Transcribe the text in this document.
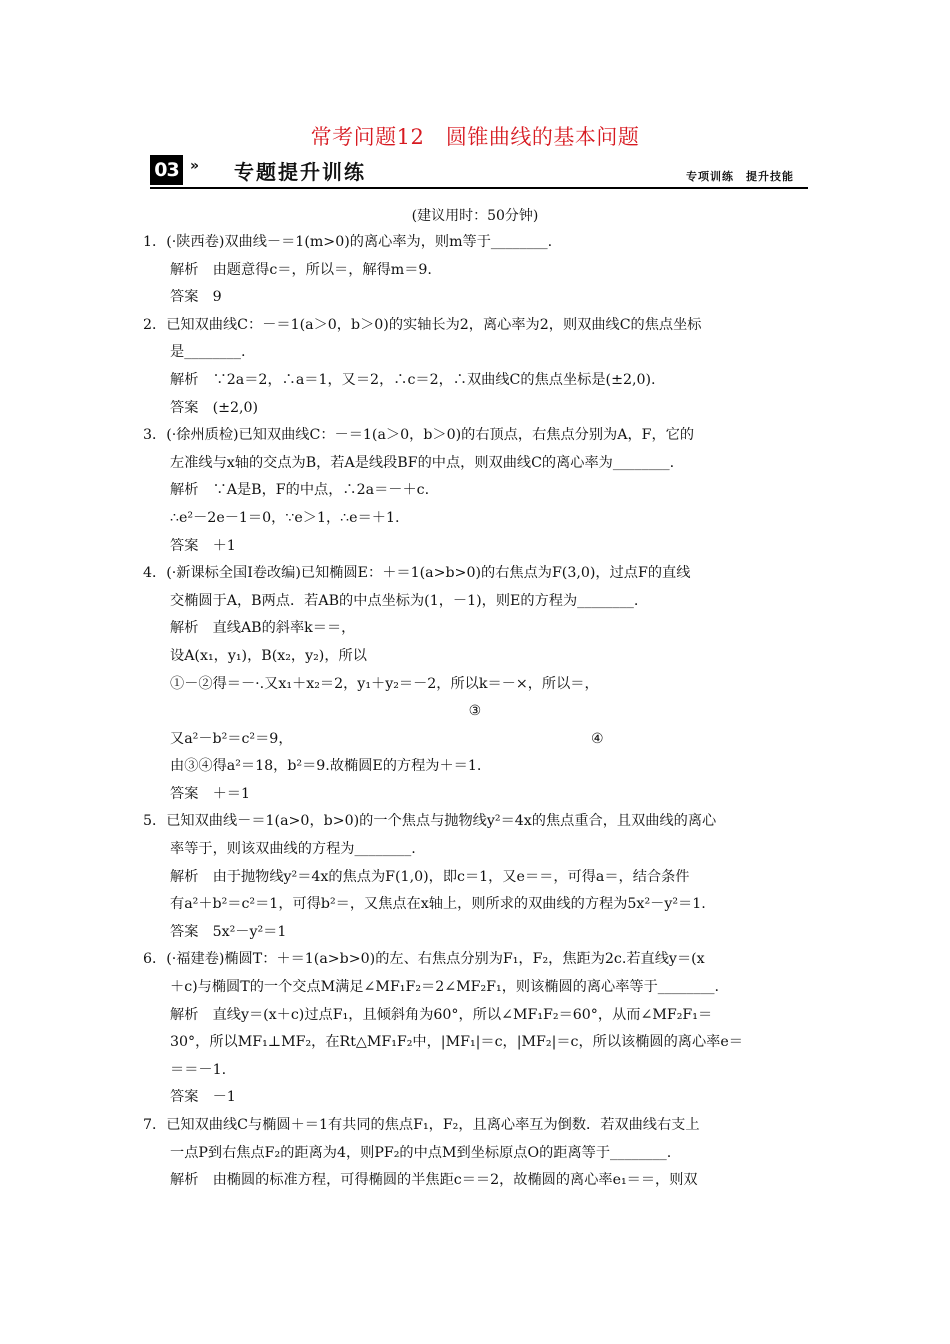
常考问题12　圆锥曲线的基本问题
03 » 专题提升训练	专项训练　提升技能
(建议用时：50分钟)
1．(·陕西卷)双曲线－＝1(m>0)的离心率为，则m等于________.
解析　由题意得c＝，所以＝，解得m＝9.
答案　9
2．已知双曲线C：－＝1(a＞0，b＞0)的实轴长为2，离心率为2，则双曲线C的焦点坐标
是________.
解析　∵2a＝2，∴a＝1，又＝2，∴c＝2，∴双曲线C的焦点坐标是(±2,0).
答案　(±2,0)
3．(·徐州质检)已知双曲线C：－＝1(a＞0，b＞0)的右顶点，右焦点分别为A，F，它的
左准线与x轴的交点为B，若A是线段BF的中点，则双曲线C的离心率为________.
解析　∵A是B，F的中点，∴2a＝－＋c.
∴e²－2e－1＝0，∵e＞1，∴e＝＋1.
答案　＋1
4．(·新课标全国Ⅰ卷改编)已知椭圆E：＋＝1(a>b>0)的右焦点为F(3,0)，过点F的直线
交椭圆于A，B两点．若AB的中点坐标为(1，－1)，则E的方程为________.
解析　直线AB的斜率k＝＝，
设A(x₁，y₁)，B(x₂，y₂)，所以
①－②得＝－·.又x₁＋x₂＝2，y₁＋y₂＝－2，所以k＝－×，所以＝，
③
又a²－b²＝c²＝9，	④
由③④得a²＝18，b²＝9.故椭圆E的方程为＋＝1.
答案　＋＝1
5．已知双曲线－＝1(a>0，b>0)的一个焦点与抛物线y²＝4x的焦点重合，且双曲线的离心
率等于，则该双曲线的方程为________.
解析　由于抛物线y²＝4x的焦点为F(1,0)，即c＝1，又e＝＝，可得a＝，结合条件
有a²＋b²＝c²＝1，可得b²＝，又焦点在x轴上，则所求的双曲线的方程为5x²－y²＝1.
答案　5x²－y²＝1
6．(·福建卷)椭圆T：＋＝1(a>b>0)的左、右焦点分别为F₁，F₂，焦距为2c.若直线y＝(x
＋c)与椭圆T的一个交点M满足∠MF₁F₂＝2∠MF₂F₁，则该椭圆的离心率等于________.
解析　直线y＝(x＋c)过点F₁，且倾斜角为60°，所以∠MF₁F₂＝60°，从而∠MF₂F₁＝
30°，所以MF₁⊥MF₂，在Rt△MF₁F₂中，|MF₁|＝c，|MF₂|＝c，所以该椭圆的离心率e＝
＝＝－1.
答案　－1
7．已知双曲线C与椭圆＋＝1有共同的焦点F₁，F₂，且离心率互为倒数．若双曲线右支上
一点P到右焦点F₂的距离为4，则PF₂的中点M到坐标原点O的距离等于________.
解析　由椭圆的标准方程，可得椭圆的半焦距c＝＝2，故椭圆的离心率e₁＝＝，则双
